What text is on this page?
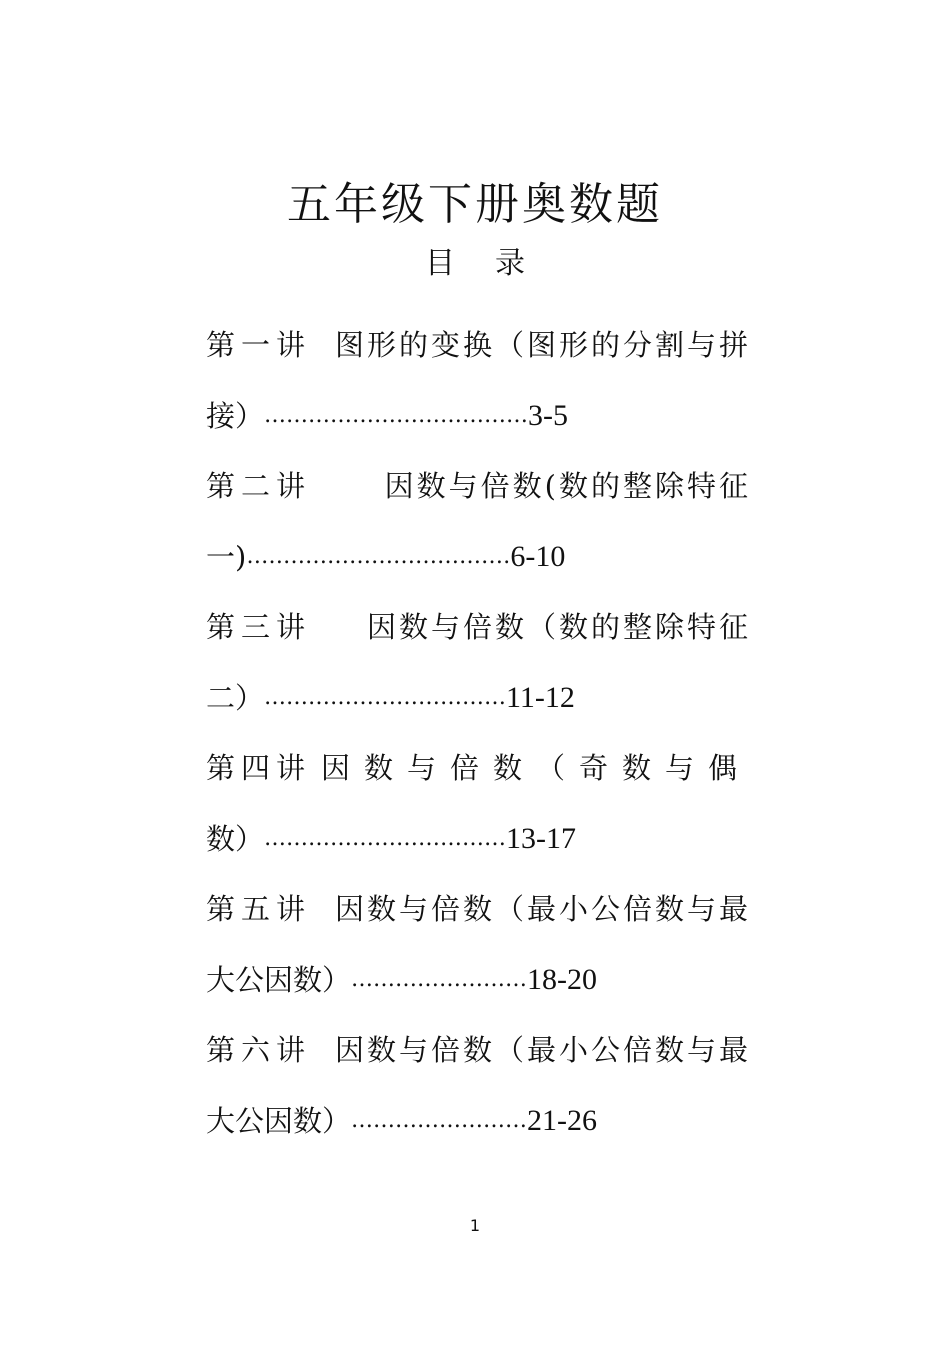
五年级下册奥数题
目 录
第一讲 图形的变换（图形的分割与拼
接） ……………………………… 3-5
第二讲	因数与倍数(数的整除特征
一) ……………………………… 6-10
第三讲 因数与倍数（数的整除特征
二） …………………………… 11-12
第四讲 因数与倍数（奇数与偶
数） …………………………… 13-17
第五讲 因数与倍数（最小公倍数与最
大公因数） …………………… 18-20
第六讲 因数与倍数（最小公倍数与最
大公因数） …………………… 21-26
1
